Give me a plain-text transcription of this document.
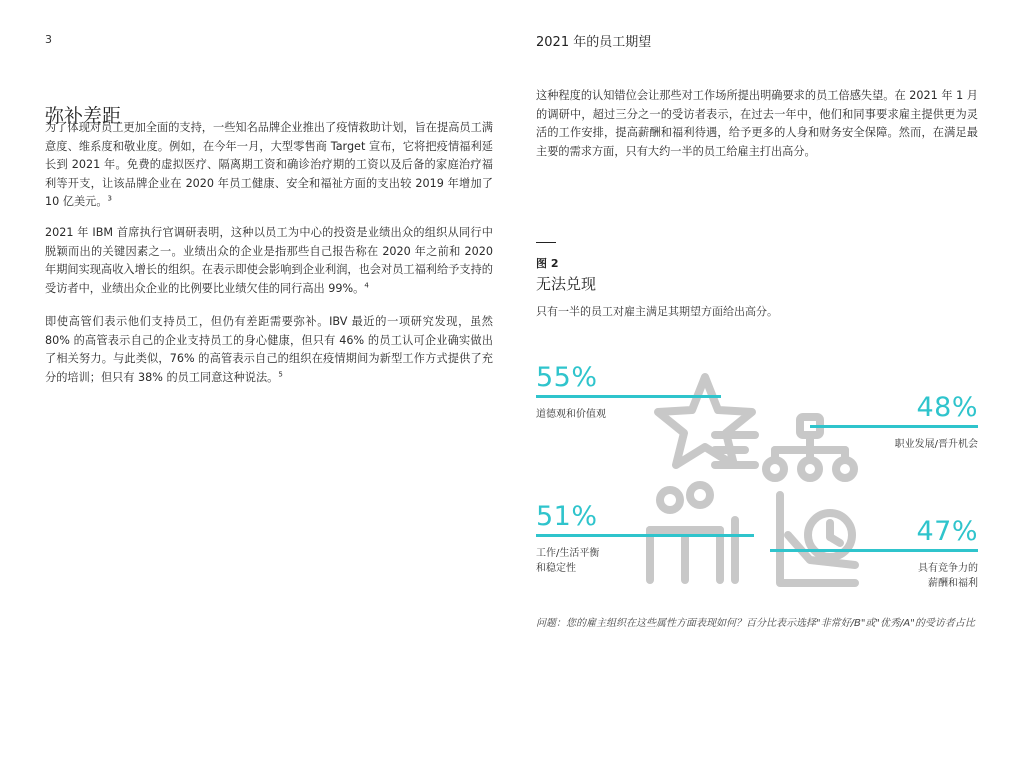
3	2021 年的员工期望
弥补差距

为了体现对员工更加全面的支持，一些知名品牌企业推出了疫情救助计划，旨在提高员工满意度、维系度和敬业度。例如，在今年一月，大型零售商 Target 宣布，它将把疫情福利延长到 2021 年。免费的虚拟医疗、隔离期工资和确诊治疗期的工资以及后备的家庭治疗福利等开支，让该品牌企业在 2020 年员工健康、安全和福祉方面的支出较 2019 年增加了 10 亿美元。$^3$

2021 年 IBM 首席执行官调研表明，这种以员工为中心的投资是业绩出众的组织从同行中脱颖而出的关键因素之一。业绩出众的企业是指那些自己报告称在 2020 年之前和 2020 年期间实现高收入增长的组织。在表示即使会影响到企业利润，也会对员工福利给予支持的受访者中，业绩出众企业的比例要比业绩欠佳的同行高出 99%。$^4$

即使高管们表示他们支持员工，但仍有差距需要弥补。IBV 最近的一项研究发现，虽然 80% 的高管表示自己的企业支持员工的身心健康，但只有 46% 的员工认可企业确实做出了相关努力。与此类似，76% 的高管表示自己的组织在疫情期间为新型工作方式提供了充分的培训；但只有 38% 的员工同意这种说法。$^5$

这种程度的认知错位会让那些对工作场所提出明确要求的员工倍感失望。在 2021 年 1 月的调研中，超过三分之一的受访者表示，在过去一年中，他们和同事要求雇主提供更为灵活的工作安排，提高薪酬和福利待遇，给予更多的人身和财务安全保障。然而，在满足最主要的需求方面，只有大约一半的员工给雇主打出高分。

图 2
无法兑现
只有一半的员工对雇主满足其期望方面给出高分。
55%
道德观和价值观	48%
职业发展/晋升机会
51%
工作/生活平衡
和稳定性
47%
具有竞争力的
薪酬和福利
问题：您的雇主组织在这些属性方面表现如何？百分比表示选择"非常好/B"或"优秀/A"的受访者占比
